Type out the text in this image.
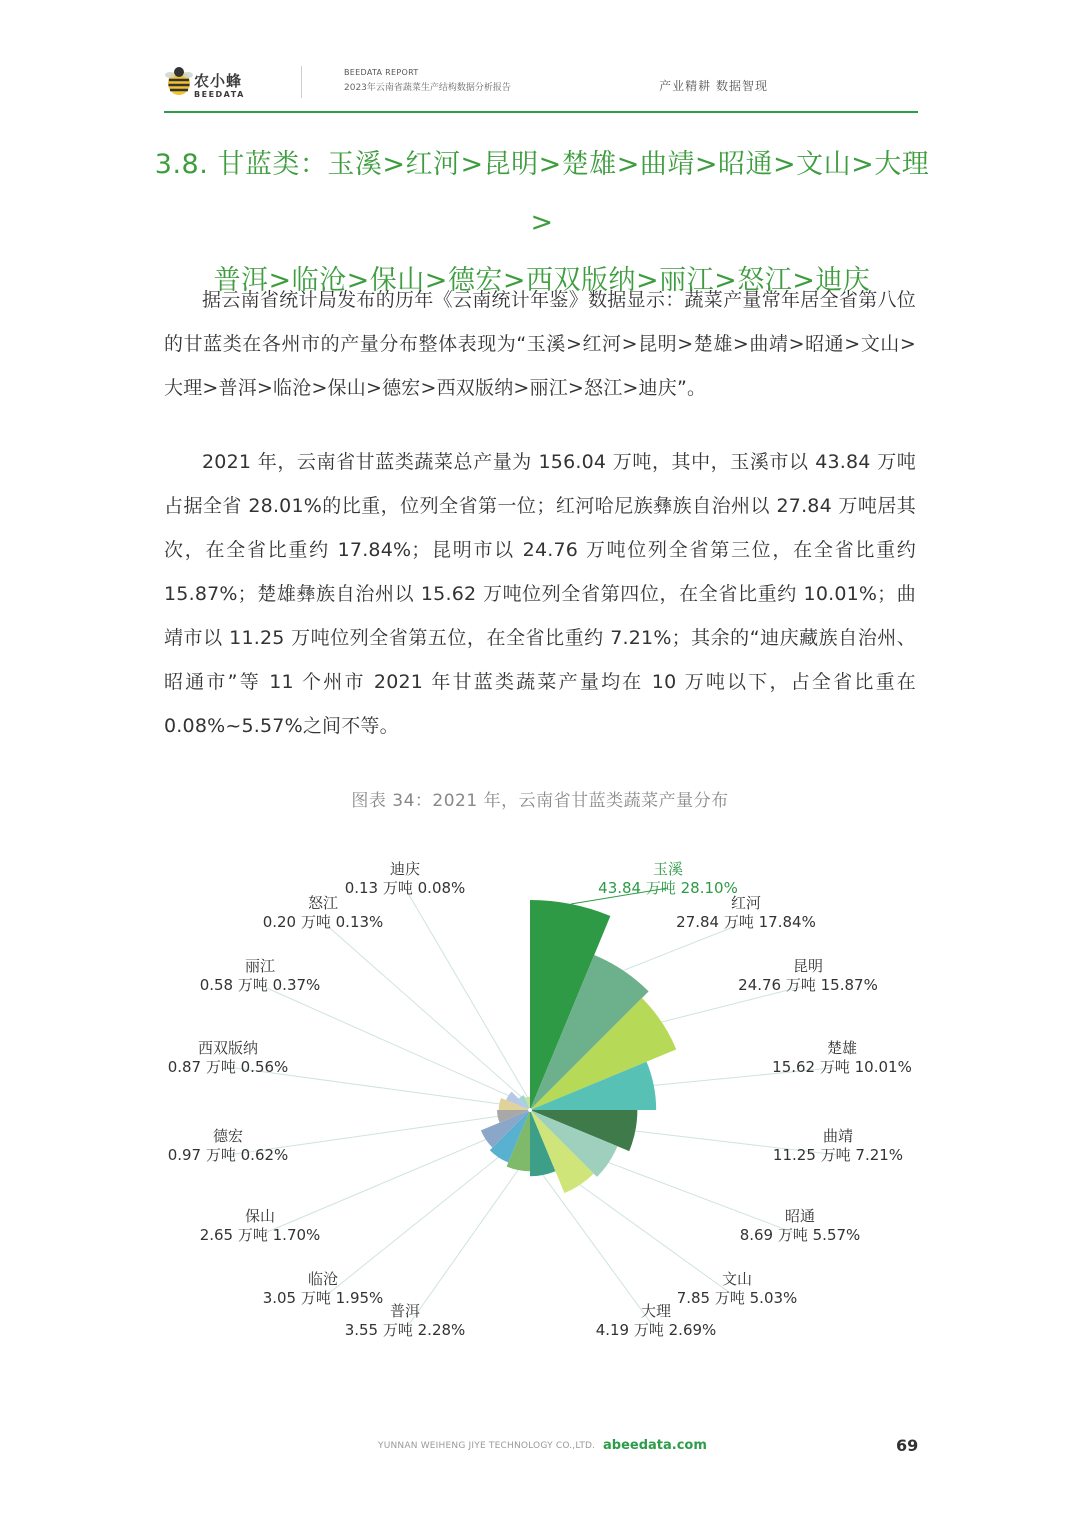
农小蜂
BEEDATA
BEEDATA REPORT
2023年云南省蔬菜生产结构数据分析报告	产业精耕 数据智现
3.8. 甘蓝类：玉溪>红河>昆明>楚雄>曲靖>昭通>文山>大理>
普洱>临沧>保山>德宏>西双版纳>丽江>怒江>迪庆
据云南省统计局发布的历年《云南统计年鉴》数据显示：蔬菜产量常年居全省第八位的甘蓝类在各州市的产量分布整体表现为“玉溪>红河>昆明>楚雄>曲靖>昭通>文山>大理>普洱>临沧>保山>德宏>西双版纳>丽江>怒江>迪庆”。
2021 年，云南省甘蓝类蔬菜总产量为 156.04 万吨，其中，玉溪市以 43.84 万吨占据全省 28.01%的比重，位列全省第一位；红河哈尼族彝族自治州以 27.84 万吨居其次，在全省比重约 17.84%；昆明市以 24.76 万吨位列全省第三位，在全省比重约 15.87%；楚雄彝族自治州以 15.62 万吨位列全省第四位，在全省比重约 10.01%；曲靖市以 11.25 万吨位列全省第五位，在全省比重约 7.21%；其余的“迪庆藏族自治州、昭通市”等 11 个州市 2021 年甘蓝类蔬菜产量均在 10 万吨以下，占全省比重在 0.08%~5.57%之间不等。
图表 34：2021 年，云南省甘蓝类蔬菜产量分布
玉溪
43.84 万吨 28.10%
红河
27.84 万吨 17.84%
昆明
24.76 万吨 15.87%
楚雄
15.62 万吨 10.01%
曲靖
11.25 万吨 7.21%
昭通
8.69 万吨 5.57%
文山
7.85 万吨 5.03%
大理
4.19 万吨 2.69%
普洱
3.55 万吨 2.28%
临沧
3.05 万吨 1.95%
保山
2.65 万吨 1.70%
德宏
0.97 万吨 0.62%
西双版纳
0.87 万吨 0.56%
丽江
0.58 万吨 0.37%
怒江
0.20 万吨 0.13%
迪庆
0.13 万吨 0.08%
YUNNAN WEIHENG JIYE TECHNOLOGY CO.,LTD. abeedata.com	69
